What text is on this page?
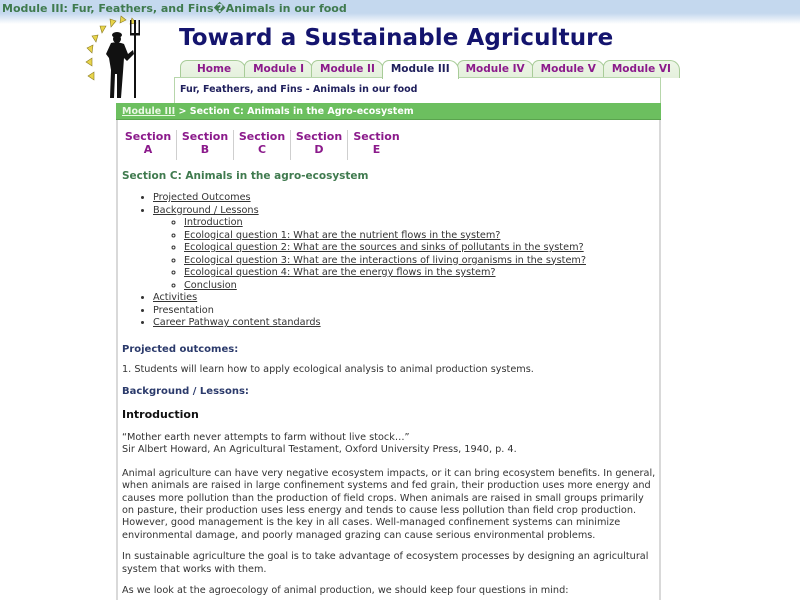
Module III: Fur, Feathers, and Fins�Animals in our food
Toward a Sustainable Agriculture
Home	Module I	Module II	Module III	Module IV	Module V	Module VI
Fur, Feathers, and Fins - Animals in our food
Module III > Section C: Animals in the Agro-ecosystem
Section
A
Section
B
Section
C
Section
D
Section
E
Section C: Animals in the agro-ecosystem
• Projected Outcomes
• Background / Lessons
◦ Introduction
◦ Ecological question 1: What are the nutrient flows in the system?
◦ Ecological question 2: What are the sources and sinks of pollutants in the system?
◦ Ecological question 3: What are the interactions of living organisms in the system?
◦ Ecological question 4: What are the energy flows in the system?
◦ Conclusion
• Activities
• Presentation
• Career Pathway content standards
Projected outcomes:

1. Students will learn how to apply ecological analysis to animal production systems.

Background / Lessons:
Introduction

“Mother earth never attempts to farm without live stock…”

Sir Albert Howard, An Agricultural Testament, Oxford University Press, 1940, p. 4.

Animal agriculture can have very negative ecosystem impacts, or it can bring ecosystem benefits. In general, when animals are raised in large confinement systems and fed grain, their production uses more energy and causes more pollution than the production of field crops. When animals are raised in small groups primarily on pasture, their production uses less energy and tends to cause less pollution than field crop production. However, good management is the key in all cases. Well-managed confinement systems can minimize environmental damage, and poorly managed grazing can cause serious environmental problems.

In sustainable agriculture the goal is to take advantage of ecosystem processes by designing an agricultural system that works with them.

As we look at the agroecology of animal production, we should keep four questions in mind:
